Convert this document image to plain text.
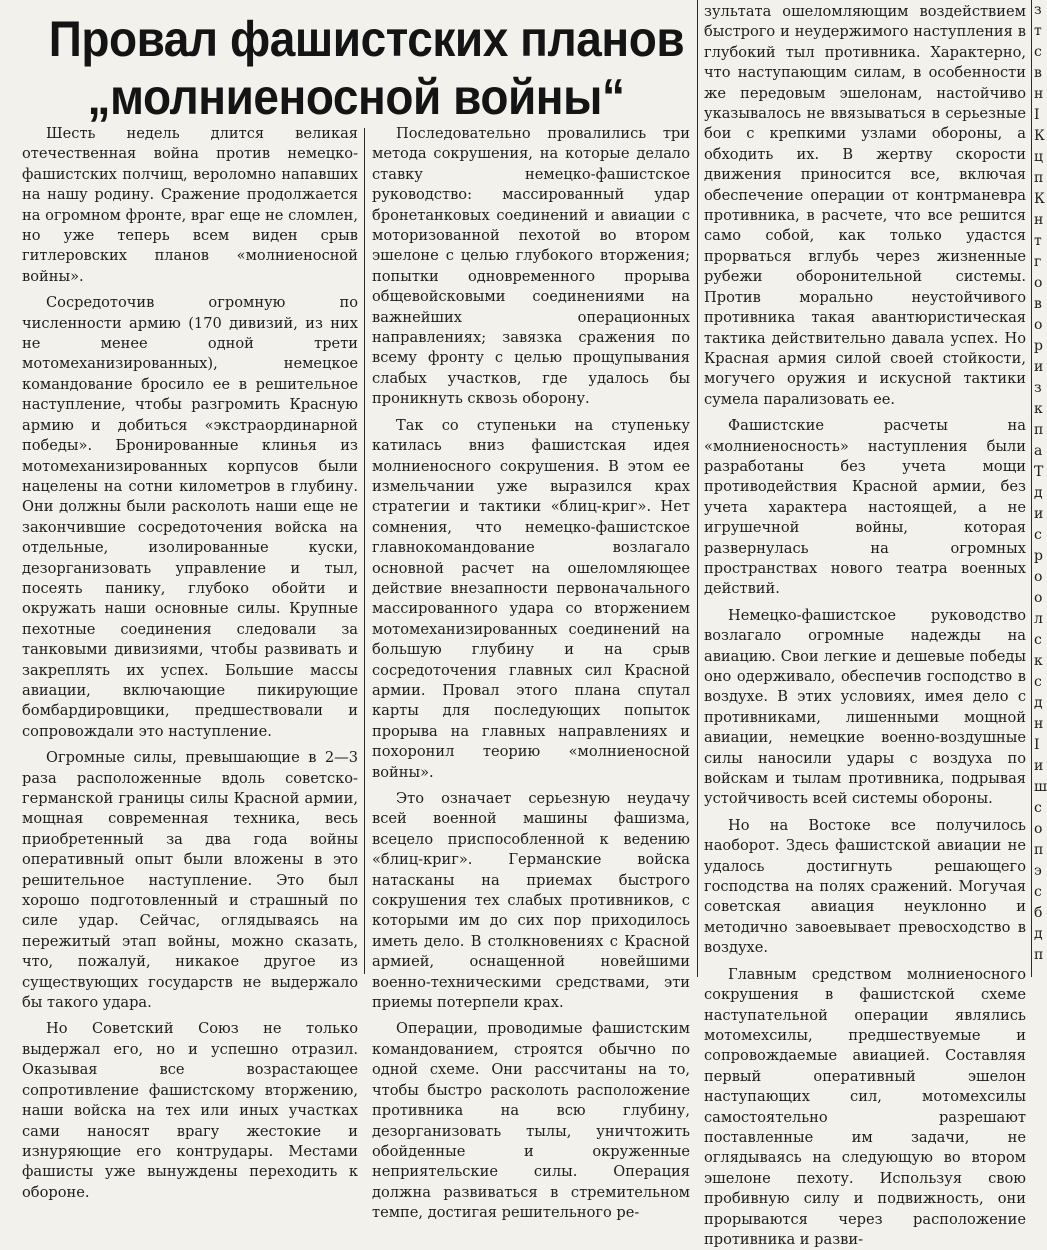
Провал фашистских планов
„молниеносной войны“

Шесть недель длится великая отечественная война против немецко-фашистских полчищ, вероломно напавших на нашу родину. Сражение продолжается на огромном фронте, враг еще не сломлен, но уже теперь всем виден срыв гитлеровских планов «молниеносной войны».

Сосредоточив огромную по численности армию (170 дивизий, из них не менее одной трети мотомеханизированных), немецкое командование бросило ее в решительное наступление, чтобы разгромить Красную армию и добиться «экстраординарной победы». Бронированные клинья из мотомеханизированных корпусов были нацелены на сотни километров в глубину. Они должны были расколоть наши еще не закончившие сосредоточения войска на отдельные, изолированные куски, дезорганизовать управление и тыл, посеять панику, глубоко обойти и окружать наши основные силы. Крупные пехотные соединения следовали за танковыми дивизиями, чтобы развивать и закреплять их успех. Большие массы авиации, включающие пикирующие бомбардировщики, предшествовали и сопровождали это наступление.

Огромные силы, превышающие в 2—3 раза расположенные вдоль советско-германской границы силы Красной армии, мощная современная техника, весь приобретенный за два года войны оперативный опыт были вложены в это решительное наступление. Это был хорошо подготовленный и страшный по силе удар. Сейчас, оглядываясь на пережитый этап войны, можно сказать, что, пожалуй, никакое другое из существующих государств не выдержало бы такого удара.

Но Советский Союз не только выдержал его, но и успешно отразил. Оказывая все возрастающее сопротивление фашистскому вторжению, наши войска на тех или иных участках сами наносят врагу жестокие и изнуряющие его контрудары. Местами фашисты уже вынуждены переходить к обороне.

Последовательно провалились три метода сокрушения, на которые делало ставку немецко-фашистское руководство: массированный удар бронетанковых соединений и авиации с моторизованной пехотой во втором эшелоне с целью глубокого вторжения; попытки одновременного прорыва общевойсковыми соединениями на важнейших операционных направлениях; завязка сражения по всему фронту с целью прощупывания слабых участков, где удалось бы проникнуть сквозь оборону.

Так со ступеньки на ступеньку катилась вниз фашистская идея молниеносного сокрушения. В этом ее измельчании уже выразился крах стратегии и тактики «блиц-криг». Нет сомнения, что немецко-фашистское главнокомандование возлагало основной расчет на ошеломляющее действие внезапности первоначального массированного удара со вторжением мотомеханизированных соединений на большую глубину и на срыв сосредоточения главных сил Красной армии. Провал этого плана спутал карты для последующих попыток прорыва на главных направлениях и похоронил теорию «молниеносной войны».

Это означает серьезную неудачу всей военной машины фашизма, всецело приспособленной к ведению «блиц-криг». Германские войска натасканы на приемах быстрого сокрушения тех слабых противников, с которыми им до сих пор приходилось иметь дело. В столкновениях с Красной армией, оснащенной новейшими военно-техническими средствами, эти приемы потерпели крах.

Операции, проводимые фашистским командованием, строятся обычно по одной схеме. Они рассчитаны на то, чтобы быстро расколоть расположение противника на всю глубину, дезорганизовать тылы, уничтожить обойденные и окруженные неприятельские силы. Операция должна развиваться в стремительном темпе, достигая решительного ре-

зультата ошеломляющим воздействием быстрого и неудержимого наступления в глубокий тыл противника. Характерно, что наступающим силам, в особенности же передовым эшелонам, настойчиво указывалось не ввязываться в серьезные бои с крепкими узлами обороны, а обходить их. В жертву скорости движения приносится все, включая обеспечение операции от контрманевра противника, в расчете, что все решится само собой, как только удастся прорваться вглубь через жизненные рубежи оборонительной системы. Против морально неустойчивого противника такая авантюристическая тактика действительно давала успех. Но Красная армия силой своей стойкости, могучего оружия и искусной тактики сумела парализовать ее.

Фашистские расчеты на «молниеносность» наступления были разработаны без учета мощи противодействия Красной армии, без учета характера настоящей, а не игрушечной войны, которая развернулась на огромных пространствах нового театра военных действий.

Немецко-фашистское руководство возлагало огромные надежды на авиацию. Свои легкие и дешевые победы оно одерживало, обеспечив господство в воздухе. В этих условиях, имея дело с противниками, лишенными мощной авиации, немецкие военно-воздушные силы наносили удары с воздуха по войскам и тылам противника, подрывая устойчивость всей системы обороны.

Но на Востоке все получилось наоборот. Здесь фашистской авиации не удалось достигнуть решающего господства на полях сражений. Могучая советская авиация неуклонно и методично завоевывает превосходство в воздухе.

Главным средством молниеносного сокрушения в фашистской схеме наступательной операции являлись мотомехсилы, предшествуемые и сопровождаемые авиацией. Составляя первый оперативный эшелон наступающих сил, мотомехсилы самостоятельно разрешают поставленные им задачи, не оглядываясь на следующую во втором эшелоне пехоту. Используя свою пробивную силу и подвижность, они прорываются через расположение противника и разви-

з
т
с
в
н
I
К
ц
п
К
н
т
г
о
в
о
р
и
з
к
п
а
Т
д
и
с
р
о
о
л
с
к
с
д
н
I
и
ш
с
о
п
э
с
б
д
п
